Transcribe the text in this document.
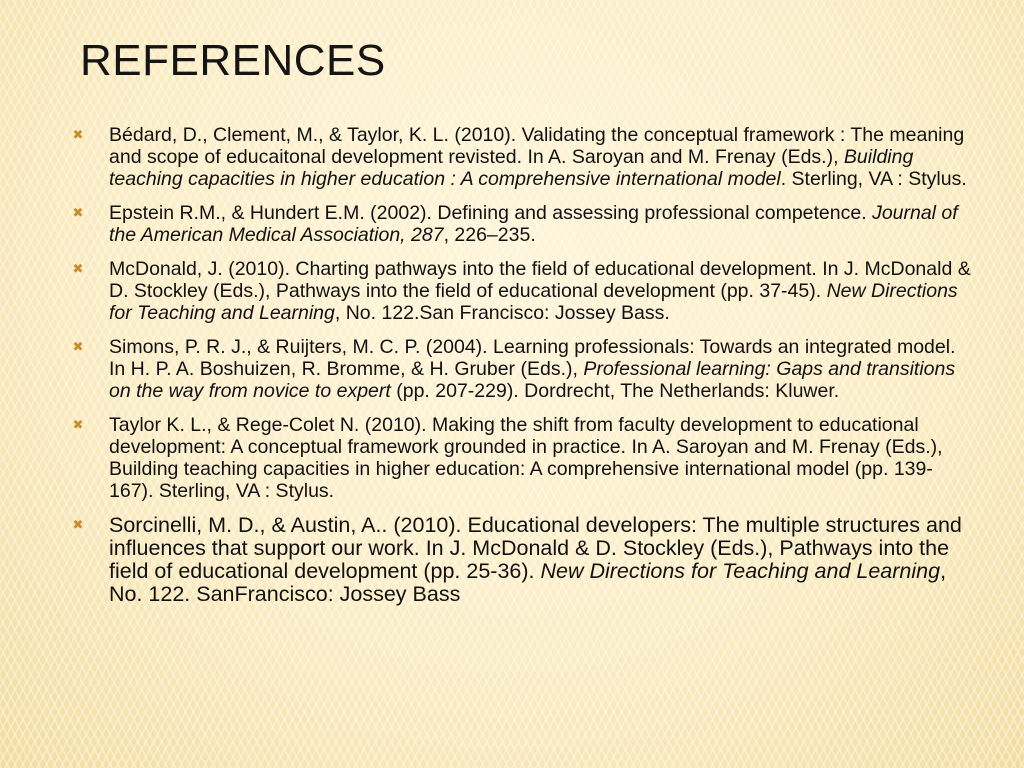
REFERENCES
✖ Bédard, D., Clement, M., & Taylor, K. L. (2010). Validating the conceptual framework : The meaning and scope of educaitonal development revisted. In A. Saroyan and M. Frenay (Eds.), Building teaching capacities in higher education : A comprehensive international model. Sterling, VA : Stylus.
✖ Epstein R.M., & Hundert E.M. (2002). Defining and assessing professional competence. Journal of the American Medical Association, 287, 226–235.
✖ McDonald, J. (2010). Charting pathways into the field of educational development. In J. McDonald & D. Stockley (Eds.), Pathways into the field of educational development (pp. 37-45). New Directions for Teaching and Learning, No. 122.San Francisco: Jossey Bass.
✖ Simons, P. R. J., & Ruijters, M. C. P. (2004). Learning professionals: Towards an integrated model. In H. P. A. Boshuizen, R. Bromme, & H. Gruber (Eds.), Professional learning: Gaps and transitions on the way from novice to expert (pp. 207-229). Dordrecht, The Netherlands: Kluwer.
✖ Taylor K. L., & Rege-Colet N. (2010). Making the shift from faculty development to educational development: A conceptual framework grounded in practice. In A. Saroyan and M. Frenay (Eds.), Building teaching capacities in higher education: A comprehensive international model (pp. 139-167). Sterling, VA : Stylus.
✖ Sorcinelli, M. D., & Austin, A.. (2010). Educational developers: The multiple structures and influences that support our work. In J. McDonald & D. Stockley (Eds.), Pathways into the field of educational development (pp. 25-36). New Directions for Teaching and Learning, No. 122. SanFrancisco: Jossey Bass
